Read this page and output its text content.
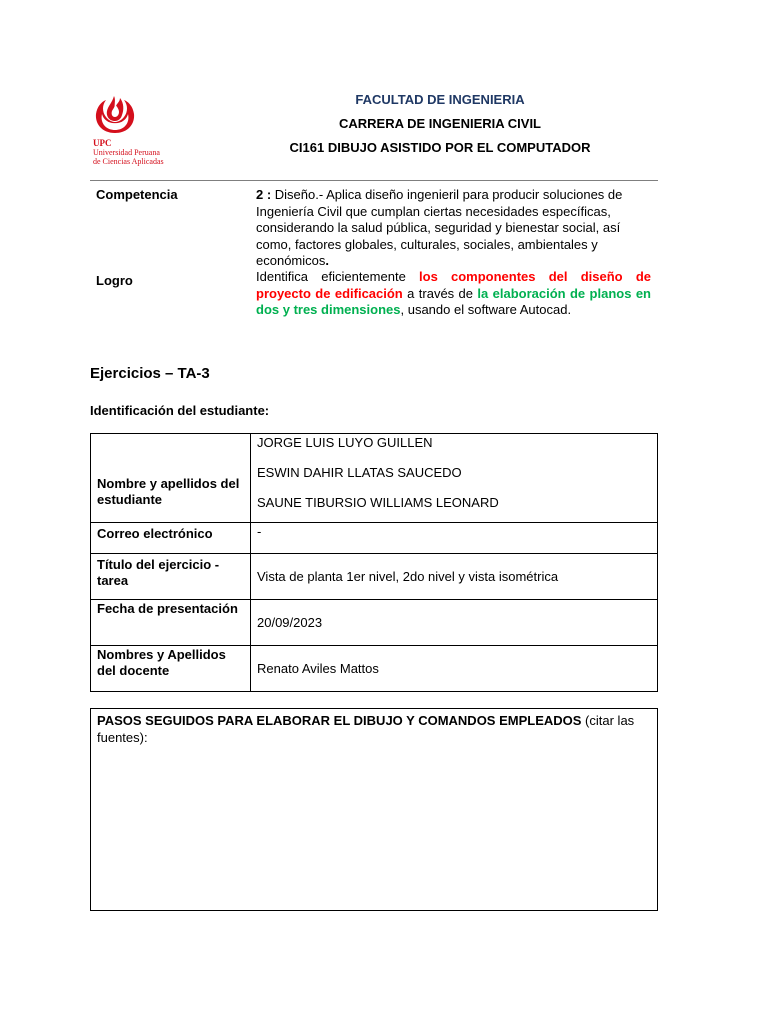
UPC
Universidad Peruana
de Ciencias Aplicadas
FACULTAD DE INGENIERIA
CARRERA DE INGENIERIA CIVIL
CI161 DIBUJO ASISTIDO POR EL COMPUTADOR
Competencia	2 : Diseño.- Aplica diseño ingenieril para producir soluciones de Ingeniería Civil que cumplan ciertas necesidades específicas, considerando la salud pública, seguridad y bienestar social, así como, factores globales, culturales, sociales, ambientales y económicos.
Logro	Identifica eficientemente los componentes del diseño de proyecto de edificación a través de la elaboración de planos en dos y tres dimensiones, usando el software Autocad.
Ejercicios – TA-3
Identificación del estudiante:
Nombre y apellidos del estudiante	JORGE LUIS LUYO GUILLEN
ESWIN DAHIR LLATAS SAUCEDO
SAUNE TIBURSIO WILLIAMS LEONARD

Correo electrónico	-
Título del ejercicio - tarea	Vista de planta 1er nivel, 2do nivel y vista isométrica
Fecha de presentación	20/09/2023
Nombres y Apellidos del docente	Renato Aviles Mattos
PASOS SEGUIDOS PARA ELABORAR EL DIBUJO Y COMANDOS EMPLEADOS (citar las fuentes):
